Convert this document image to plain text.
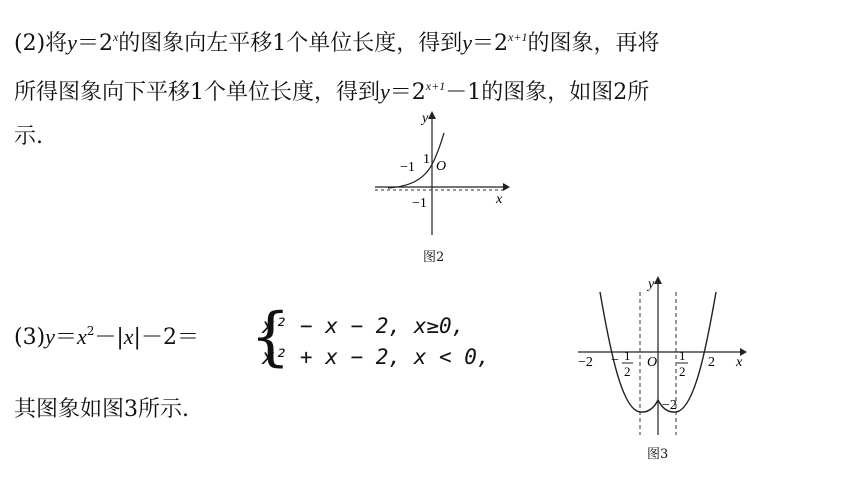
(2)将$y=2^x$的图象向左平移1个单位长度，得到$y=2^{x+1}$的图象，再将
所得图象向下平移1个单位长度，得到$y=2^{x+1}-1$的图象，如图2所
示.
y
x
O
1
−1
−1
图2
$(3)y=x^2-|x|-2=$ {
x² − x − 2, x≥0,
x² + x − 2, x < 0,
其图象如图3所示.
y
x
O
−2	2
− 1
2
1
2
−2
图3
